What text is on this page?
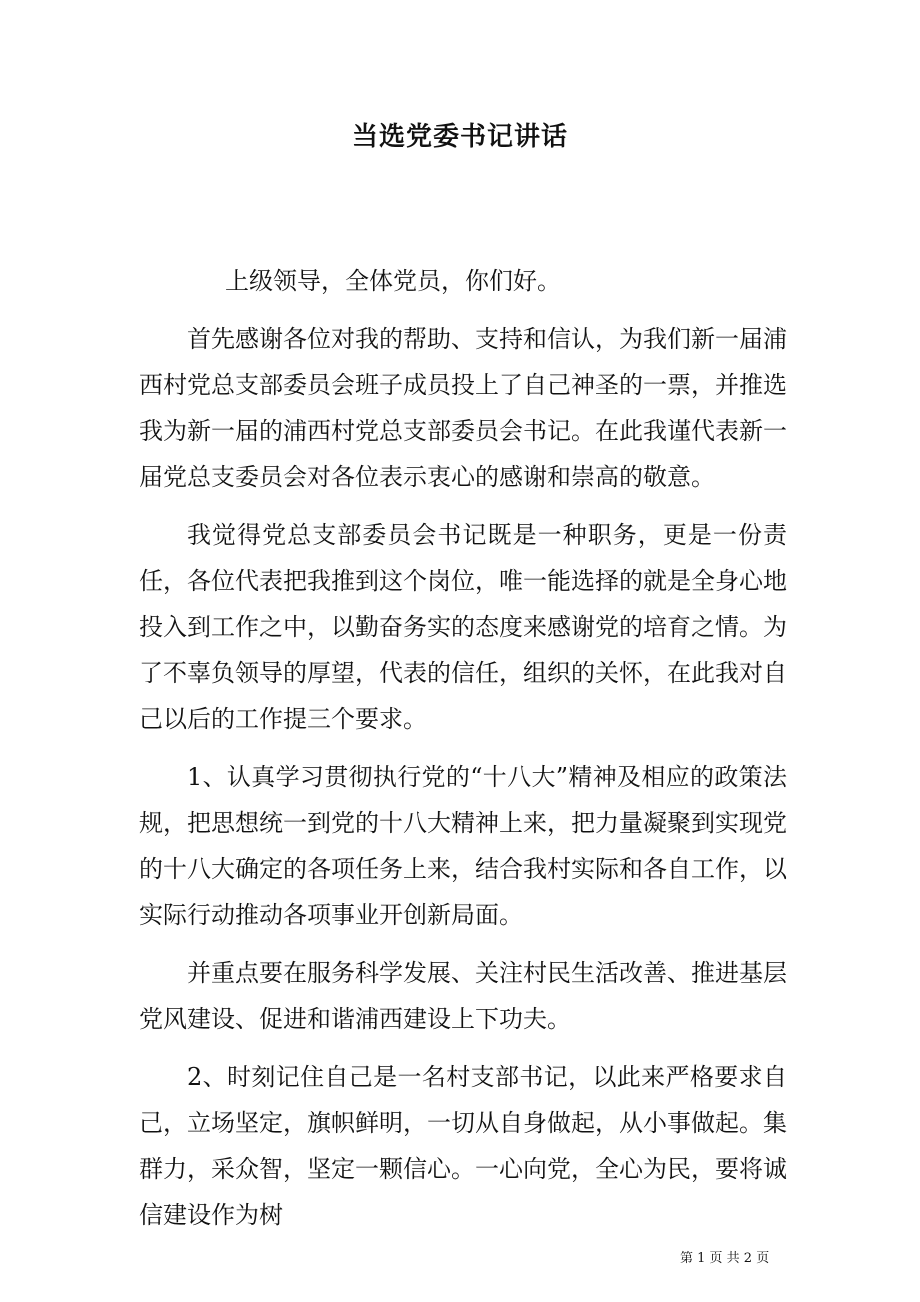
当选党委书记讲话

上级领导，全体党员，你们好。

首先感谢各位对我的帮助、支持和信认，为我们新一届浦西村党总支部委员会班子成员投上了自己神圣的一票，并推选我为新一届的浦西村党总支部委员会书记。在此我谨代表新一届党总支委员会对各位表示衷心的感谢和崇高的敬意。

我觉得党总支部委员会书记既是一种职务，更是一份责任，各位代表把我推到这个岗位，唯一能选择的就是全身心地投入到工作之中，以勤奋务实的态度来感谢党的培育之情。为了不辜负领导的厚望，代表的信任，组织的关怀，在此我对自己以后的工作提三个要求。

1、认真学习贯彻执行党的“十八大”精神及相应的政策法规，把思想统一到党的十八大精神上来，把力量凝聚到实现党的十八大确定的各项任务上来，结合我村实际和各自工作，以实际行动推动各项事业开创新局面。

并重点要在服务科学发展、关注村民生活改善、推进基层党风建设、促进和谐浦西建设上下功夫。

2、时刻记住自己是一名村支部书记，以此来严格要求自己，立场坚定，旗帜鲜明，一切从自身做起，从小事做起。集群力，采众智，坚定一颗信心。一心向党，全心为民，要将诚信建设作为树

第 1 页 共 2 页
